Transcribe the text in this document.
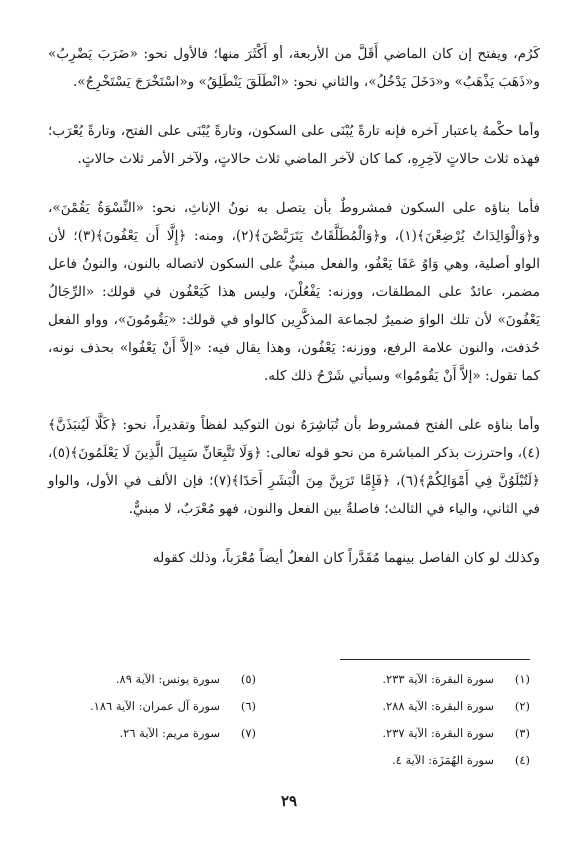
كَرُم، ويفتح إن كان الماضي أَقَلَّ من الأربعة، أو أَكْثَرَ منها؛ فالأول نحو: «ضَرَبَ يَضْرِبُ» و«ذَهَبَ يَذْهَبُ» و«دَخَلَ يَدْخُلُ»، والثاني نحو: «انْطَلَقَ يَنْطَلِقُ» و«اسْتَخْرَجَ يَسْتَخْرِجُ».

وأما حكْمهُ باعتبار آخره فإنه تارةً يُبْنَى على السكون، وتارةً يُبْنَى على الفتح، وتارةً يُعْرَب؛ فهذه ثلاث حالاتٍ لآخِرِهِ، كما كان لآخر الماضي ثلاث حالاتٍ، ولآخر الأمر ثلاث حالاتٍ.

فأما بناؤه على السكون فمشروطٌ بأن يتصل به نونُ الإناثِ، نحو: «النِّسْوَةُ يَقُمْنَ»، و﴿وَالْوَالِدَاتُ يُرْضِعْنَ﴾(١)، و﴿وَالْمُطَلَّقَاتُ يَتَرَبَّصْنَ﴾(٢)، ومنه: ﴿إِلَّا أَن يَعْفُونَ﴾(٣)؛ لأن الواو أصلية، وهي وَاوُ عَفَا يَعْفُو، والفعل مبنيٌّ على السكون لاتصاله بالنون، والنونُ فاعل مضمر، عائدٌ على المطلقات، ووزنه: يَفْعُلْنَ، وليس هذا كَيَعْفُون في قولك: «الرِّجَالُ يَعْفُونَ» لأن تلك الواوَ ضميرٌ لجماعة المذكَّرِين كالواو في قولك: «يَقُومُونَ»، وواو الفعل حُذفت، والنون علامة الرفع، ووزنه: يَعْفُون، وهذا يقال فيه: «إلاَّ أَنْ يَعْفُوا» بحذف نونه، كما تقول: «إلاَّ أَنْ يَقُومُوا» وسيأتي شَرْحُ ذلك كله.

وأما بناؤه على الفتح فمشروط بأن تُبَاشِرَهُ نون التوكيد لفظاً وتقديراً، نحو: ﴿كَلَّا لَيُنبَذَنَّ﴾(٤)، واحترزت بذكر المباشرة من نحو قوله تعالى: ﴿وَلَا تَتَّبِعَانِّ سَبِيلَ الَّذِينَ لَا يَعْلَمُونَ﴾(٥)، ﴿لَتُبْلَوُنَّ فِي أَمْوَالِكُمْ﴾(٦)، ﴿فَإِمَّا تَرَيِنَّ مِنَ الْبَشَرِ أَحَدًا﴾(٧)؛ فإن الألف في الأول، والواو في الثاني، والياء في الثالث؛ فاصلةٌ بين الفعل والنون، فهو مُعْرَبٌ، لا مبنيٌّ.

وكذلك لو كان الفاصل بينهما مُقَدَّراً كان الفعلُ أيضاً مُعْرَباً، وذلك كقوله

(١)
سورة البقرة: الآية ٢٣٣.
(٢)
سورة البقرة: الآية ٢٨٨.
(٣)
سورة البقرة: الآية ٢٣٧.
(٤)
سورة الهُمَزَة: الآية ٤.
(٥)
سورة يونس: الآية ٨٩.
(٦)
سورة آل عمران: الآية ١٨٦.
(٧)
سورة مريم: الآية ٢٦.
٢٩
